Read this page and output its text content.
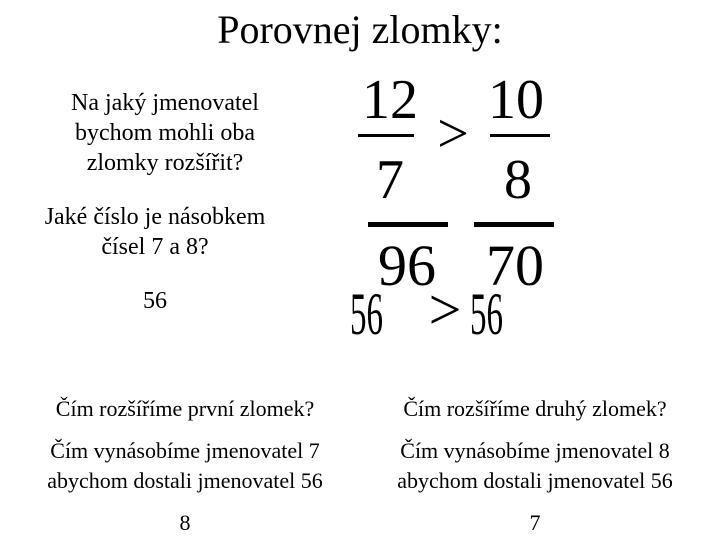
Porovnej zlomky:
Na jaký jmenovatel
bychom mohli oba
zlomky rozšířit?
Jaké číslo je násobkem
čísel 7 a 8?
56
12
7
>
10
8
96 70
56 > 56
Čím rozšíříme první zlomek?	Čím rozšíříme druhý zlomek?
Čím vynásobíme jmenovatel 7
abychom dostali jmenovatel 56
Čím vynásobíme jmenovatel 8
abychom dostali jmenovatel 56
8	7
